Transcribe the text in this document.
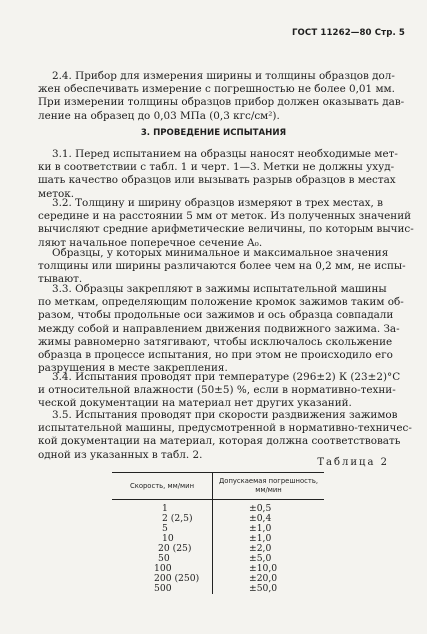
ГОСТ 11262—80 Стр. 5

2.4. Прибор для измерения ширины и толщины образцов дол-
жен обеспечивать измерение с погрешностью не более 0,01 мм.
При измерении толщины образцов прибор должен оказывать дав-
ление на образец до 0,03 МПа (0,3 кгс/см²).

3. ПРОВЕДЕНИЕ ИСПЫТАНИЯ

3.1. Перед испытанием на образцы наносят необходимые мет-
ки в соответствии с табл. 1 и черт. 1—3. Метки не должны ухуд-
шать качество образцов или вызывать разрыв образцов в местах
меток.

3.2. Толщину и ширину образцов измеряют в трех местах, в
середине и на расстоянии 5 мм от меток. Из полученных значений
вычисляют средние арифметические величины, по которым вычис-
ляют начальное поперечное сечение A₀.

Образцы, у которых минимальное и максимальное значения
толщины или ширины различаются более чем на 0,2 мм, не испы-
тывают.

3.3. Образцы закрепляют в зажимы испытательной машины
по меткам, определяющим положение кромок зажимов таким об-
разом, чтобы продольные оси зажимов и ось образца совпадали
между собой и направлением движения подвижного зажима. За-
жимы равномерно затягивают, чтобы исключалось скольжение
образца в процессе испытания, но при этом не происходило его
разрушения в месте закрепления.

3.4. Испытания проводят при температуре (296±2) К (23±2)°С
и относительной влажности (50±5) %, если в нормативно-техни-
ческой документации на материал нет других указаний.

3.5. Испытания проводят при скорости раздвижения зажимов
испытательной машины, предусмотренной в нормативно-техничес-
кой документации на материал, которая должна соответствовать
одной из указанных в табл. 2.

Таблица 2
Скорость, мм/мин	Допускаемая погрешность, мм/мин
1	±0,5
2 (2,5)	±0,4
5	±1,0
10	±1,0
20 (25)	±2,0
50	±5,0
100	±10,0
200 (250)	±20,0
500	±50,0
